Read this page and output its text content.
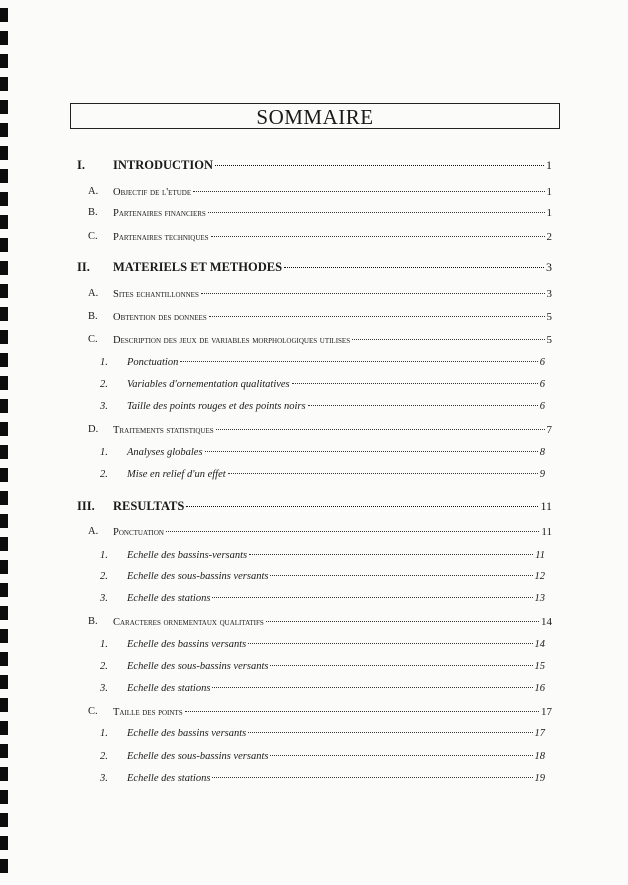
SOMMAIRE
I. INTRODUCTION	1
A. Objectif de l'etude	1
B. Partenaires financiers	1
C. Partenaires techniques	2
II. MATERIELS ET METHODES	3
A. Sites echantillonnes	3
B. Obtention des donnees	5
C. Description des jeux de variables morphologiques utilises	5
1. Ponctuation	6
2. Variables d'ornementation qualitatives	6
3. Taille des points rouges et des points noirs	6
D. Traitements statistiques	7
1. Analyses globales	8
2. Mise en relief d'un effet	9
III. RESULTATS	11
A. Ponctuation	11
1. Echelle des bassins-versants	11
2. Echelle des sous-bassins versants	12
3. Echelle des stations	13
B. Caracteres ornementaux qualitatifs	14
1. Echelle des bassins versants	14
2. Echelle des sous-bassins versants	15
3. Echelle des stations	16
C. Taille des points	17
1. Echelle des bassins versants	17
2. Echelle des sous-bassins versants	18
3. Echelle des stations	19
